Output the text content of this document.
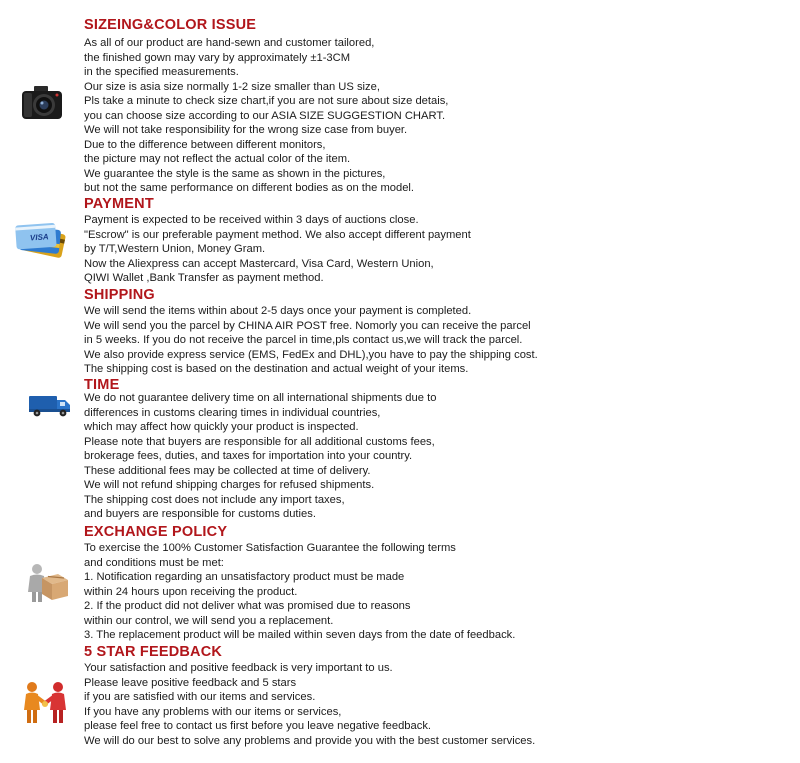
SIZEING&COLOR ISSUE
As all of our product are hand-sewn and customer tailored,
the finished gown may vary by approximately ±1-3CM
in the specified measurements.
Our size is asia size normally 1-2 size smaller than US size,
Pls take a minute to check size chart,if you are not sure about size detais,
you can choose size according to our ASIA SIZE SUGGESTION CHART.
We will not take responsibility for the wrong size case from buyer.
Due to the difference between different monitors,
the picture may not reflect the actual color of the item.
We guarantee the style is the same as shown in the pictures,
but not the same performance on different bodies as on the model.
PAYMENT
Payment is expected to be received within 3 days of auctions close.
"Escrow" is our preferable payment method. We also accept different payment
by T/T,Western Union, Money Gram.
Now the Aliexpress can accept Mastercard, Visa Card, Western Union,
QIWI Wallet ,Bank Transfer as payment method.
VISA
SHIPPING
We will send the items within about 2-5 days once your payment is completed.
We will send you the parcel by CHINA AIR POST free. Nomorly you can receive the parcel
in 5 weeks. If you do not receive the parcel in time,pls contact us,we will track the parcel.
We also provide express service (EMS, FedEx and DHL),you have to pay the shipping cost.
The shipping cost is based on the destination and actual weight of your items.
TIME
We do not guarantee delivery time on all international shipments due to
differences in customs clearing times in individual countries,
which may affect how quickly your product is inspected.
Please note that buyers are responsible for all additional customs fees,
brokerage fees, duties, and taxes for importation into your country.
These additional fees may be collected at time of delivery.
We will not refund shipping charges for refused shipments.
The shipping cost does not include any import taxes,
and buyers are responsible for customs duties.
EXCHANGE POLICY
To exercise the 100% Customer Satisfaction Guarantee the following terms
and conditions must be met:
1. Notification regarding an unsatisfactory product must be made
within 24 hours upon receiving the product.
2. If the product did not deliver what was promised due to reasons
within our control, we will send you a replacement.
3. The replacement product will be mailed within seven days from the date of feedback.
5 STAR FEEDBACK
Your satisfaction and positive feedback is very important to us.
Please leave positive feedback and 5 stars
if you are satisfied with our items and services.
If you have any problems with our items or services,
please feel free to contact us first before you leave negative feedback.
We will do our best to solve any problems and provide you with the best customer services.
